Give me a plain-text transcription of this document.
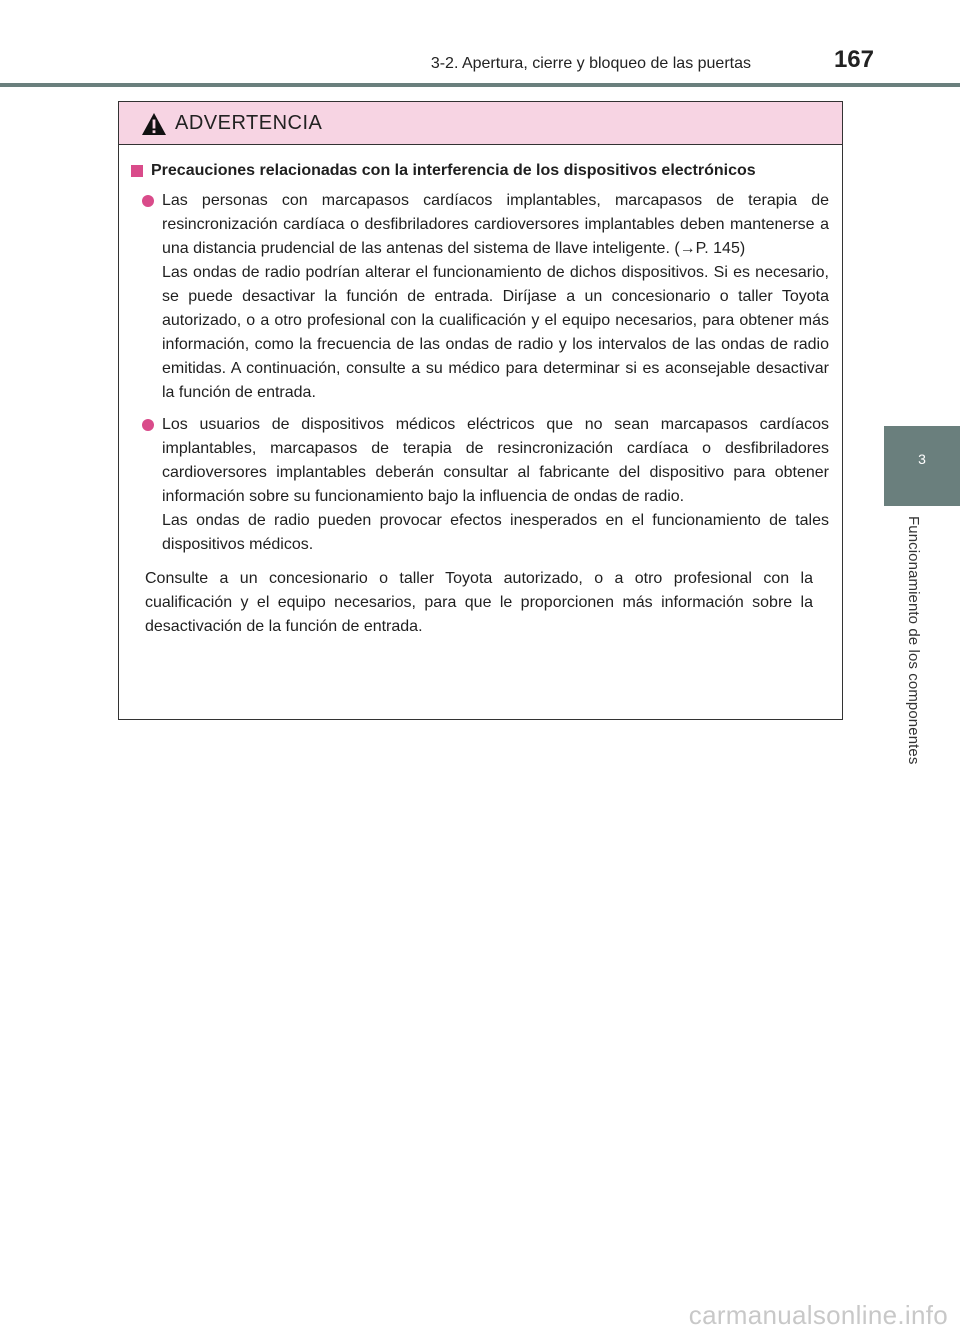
3-2. Apertura, cierre y bloqueo de las puertas	167
3
Funcionamiento de los componentes
ADVERTENCIA
Precauciones relacionadas con la interferencia de los dispositivos electrónicos

Las personas con marcapasos cardíacos implantables, marcapasos de terapia de resincronización cardíaca o desfibriladores cardioversores implantables deben mantenerse a una distancia prudencial de las antenas del sistema de llave inteligente. (→P. 145)

Las ondas de radio podrían alterar el funcionamiento de dichos dispositivos. Si es necesario, se puede desactivar la función de entrada. Diríjase a un concesionario o taller Toyota autorizado, o a otro profesional con la cualificación y el equipo necesarios, para obtener más información, como la frecuencia de las ondas de radio y los intervalos de las ondas de radio emitidas. A continuación, consulte a su médico para determinar si es aconsejable desactivar la función de entrada.

Los usuarios de dispositivos médicos eléctricos que no sean marcapasos cardíacos implantables, marcapasos de terapia de resincronización cardíaca o desfibriladores cardioversores implantables deberán consultar al fabricante del dispositivo para obtener información sobre su funcionamiento bajo la influencia de ondas de radio.

Las ondas de radio pueden provocar efectos inesperados en el funcionamiento de tales dispositivos médicos.

Consulte a un concesionario o taller Toyota autorizado, o a otro profesional con la cualificación y el equipo necesarios, para que le proporcionen más información sobre la desactivación de la función de entrada.
carmanualsonline.info
